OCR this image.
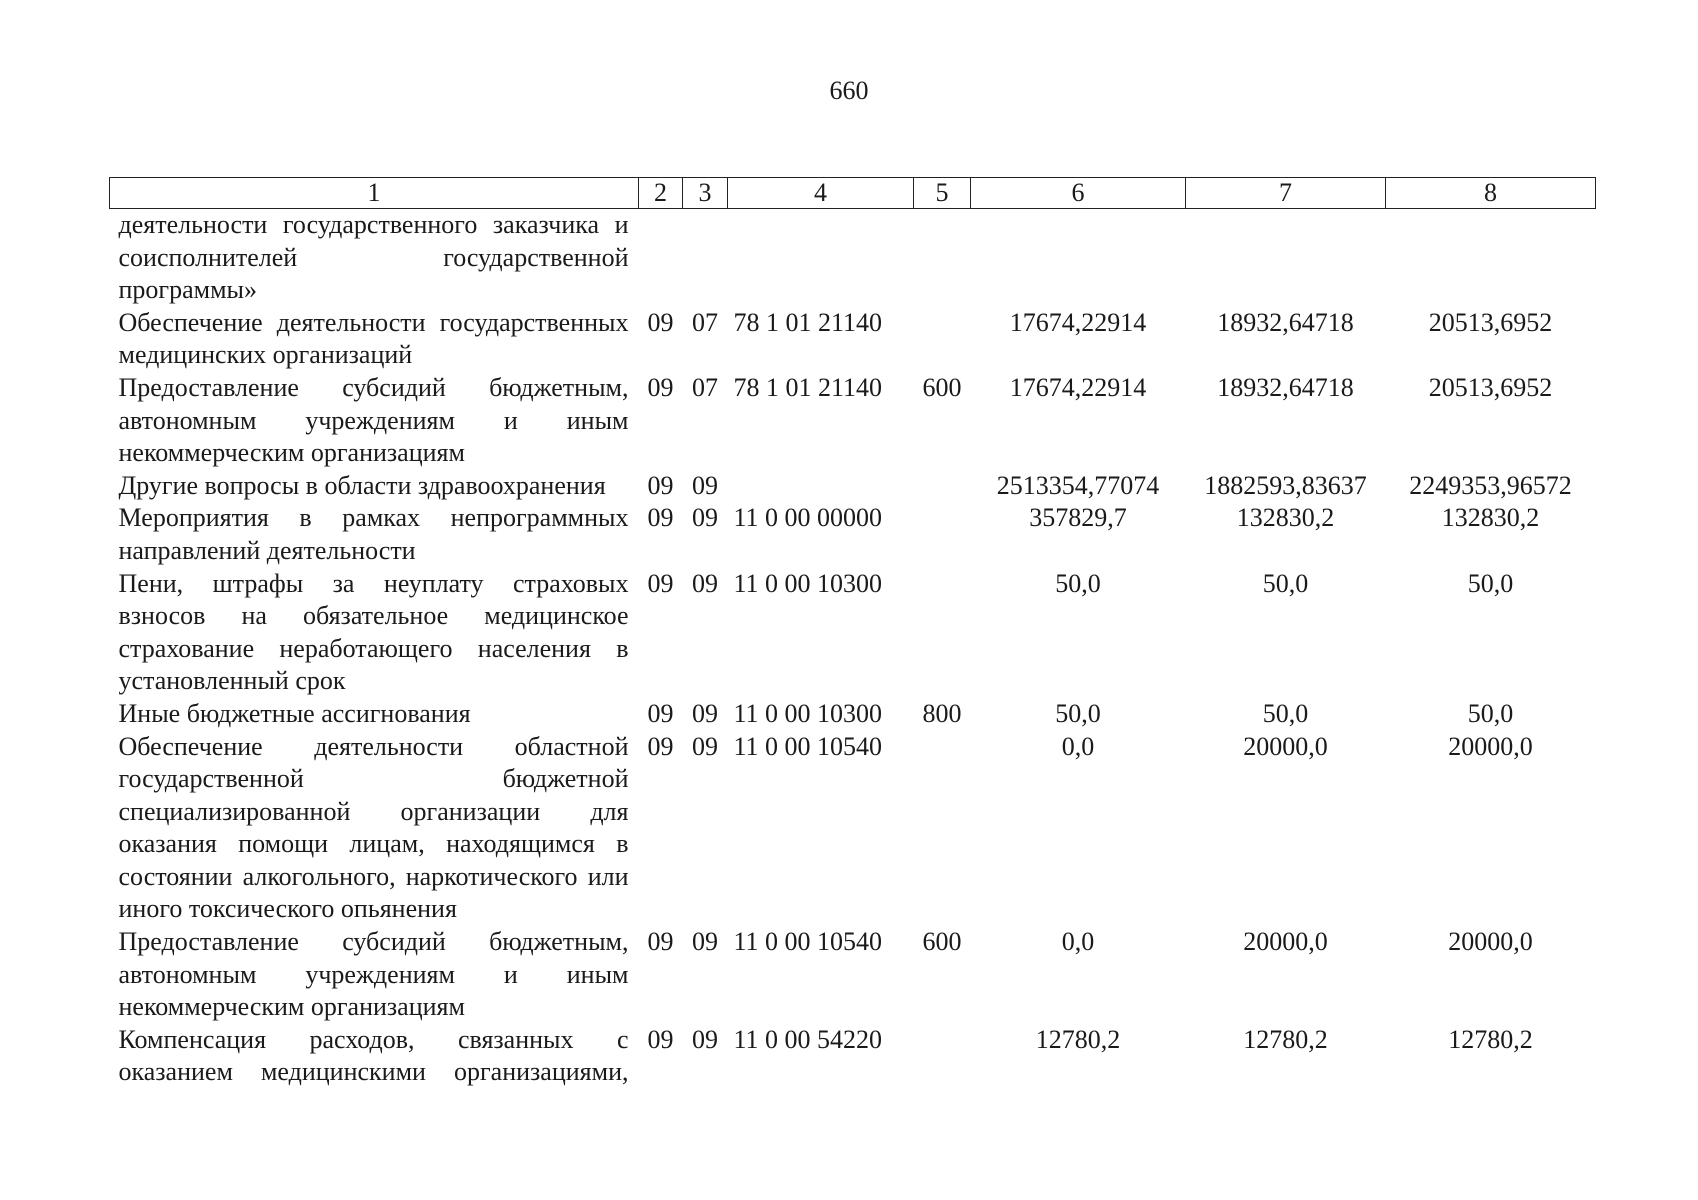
660
1	2	3	4	5	6	7	8
деятельности государственного заказчика и соисполнителей государственной программы»							
Обеспечение деятельности государственных медицинских организаций	09	07	78 1 01 21140		17674,22914	18932,64718	20513,6952
Предоставление субсидий бюджетным, автономным учреждениям и иным некоммерческим организациям	09	07	78 1 01 21140	600	17674,22914	18932,64718	20513,6952
Другие вопросы в области здравоохранения	09	09			2513354,77074	1882593,83637	2249353,96572
Мероприятия в рамках непрограммных направлений деятельности	09	09	11 0 00 00000		357829,7	132830,2	132830,2
Пени, штрафы за неуплату страховых взносов на обязательное медицинское страхование неработающего населения в установленный срок	09	09	11 0 00 10300		50,0	50,0	50,0
Иные бюджетные ассигнования	09	09	11 0 00 10300	800	50,0	50,0	50,0
Обеспечение деятельности областной государственной бюджетной специализированной организации для оказания помощи лицам, находящимся в состоянии алкогольного, наркотического или иного токсического опьянения	09	09	11 0 00 10540		0,0	20000,0	20000,0
Предоставление субсидий бюджетным, автономным учреждениям и иным некоммерческим организациям	09	09	11 0 00 10540	600	0,0	20000,0	20000,0
Компенсация расходов, связанных с оказанием медицинскими организациями,	09	09	11 0 00 54220		12780,2	12780,2	12780,2
